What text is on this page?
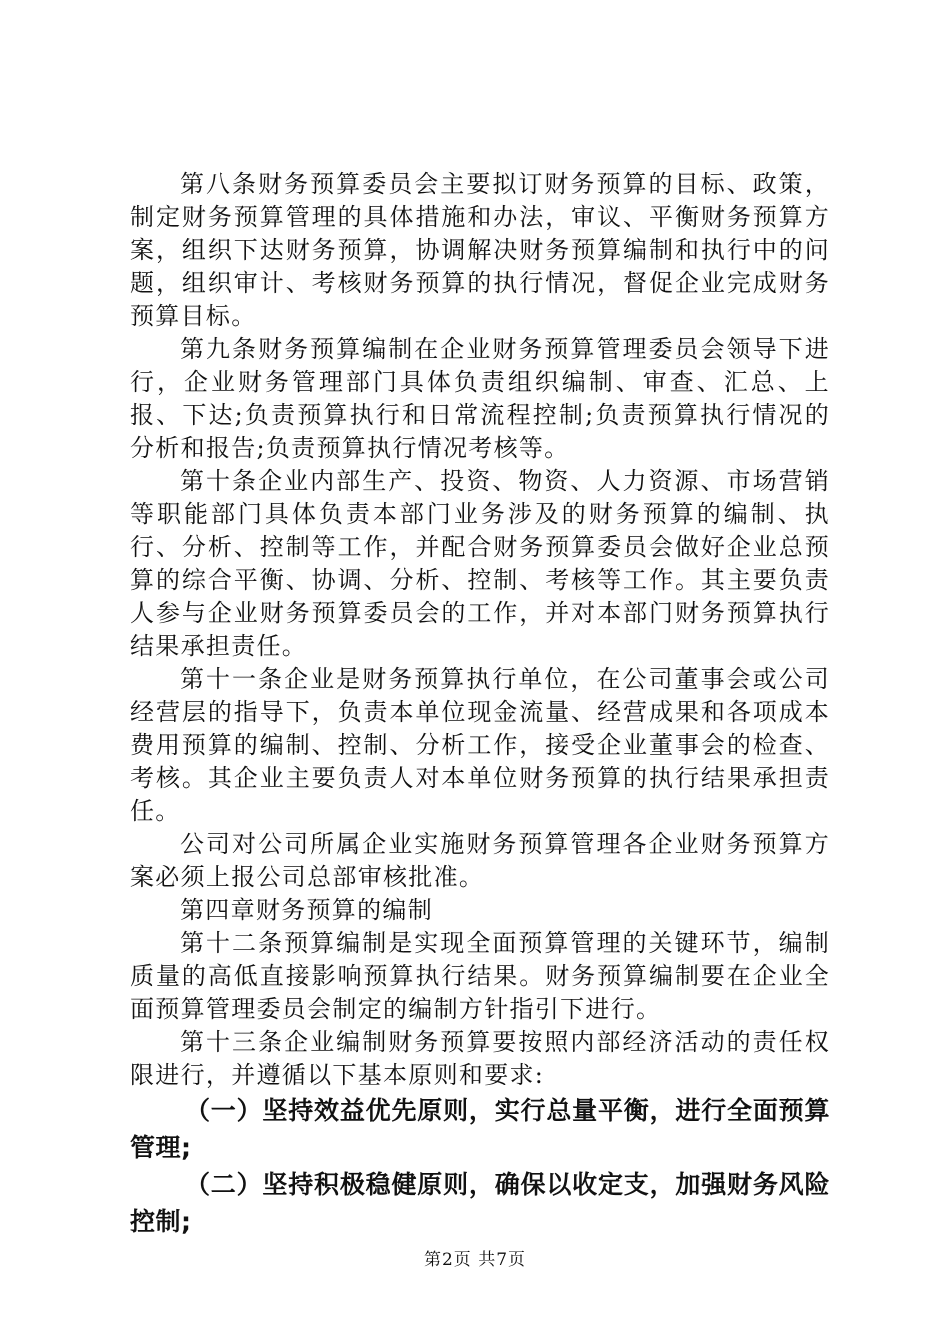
第八条财务预算委员会主要拟订财务预算的目标、政策，制定财务预算管理的具体措施和办法，审议、平衡财务预算方案，组织下达财务预算，协调解决财务预算编制和执行中的问题，组织审计、考核财务预算的执行情况，督促企业完成财务预算目标。

第九条财务预算编制在企业财务预算管理委员会领导下进行，企业财务管理部门具体负责组织编制、审查、汇总、上报、下达;负责预算执行和日常流程控制;负责预算执行情况的分析和报告;负责预算执行情况考核等。

第十条企业内部生产、投资、物资、人力资源、市场营销等职能部门具体负责本部门业务涉及的财务预算的编制、执行、分析、控制等工作，并配合财务预算委员会做好企业总预算的综合平衡、协调、分析、控制、考核等工作。其主要负责人参与企业财务预算委员会的工作，并对本部门财务预算执行结果承担责任。

第十一条企业是财务预算执行单位，在公司董事会或公司经营层的指导下，负责本单位现金流量、经营成果和各项成本费用预算的编制、控制、分析工作，接受企业董事会的检查、考核。其企业主要负责人对本单位财务预算的执行结果承担责任。

公司对公司所属企业实施财务预算管理各企业财务预算方案必须上报公司总部审核批准。

第四章财务预算的编制

第十二条预算编制是实现全面预算管理的关键环节，编制质量的高低直接影响预算执行结果。财务预算编制要在企业全面预算管理委员会制定的编制方针指引下进行。

第十三条企业编制财务预算要按照内部经济活动的责任权限进行，并遵循以下基本原则和要求:

（一）坚持效益优先原则，实行总量平衡，进行全面预算管理;

（二）坚持积极稳健原则，确保以收定支，加强财务风险控制;

第2页 共7页
